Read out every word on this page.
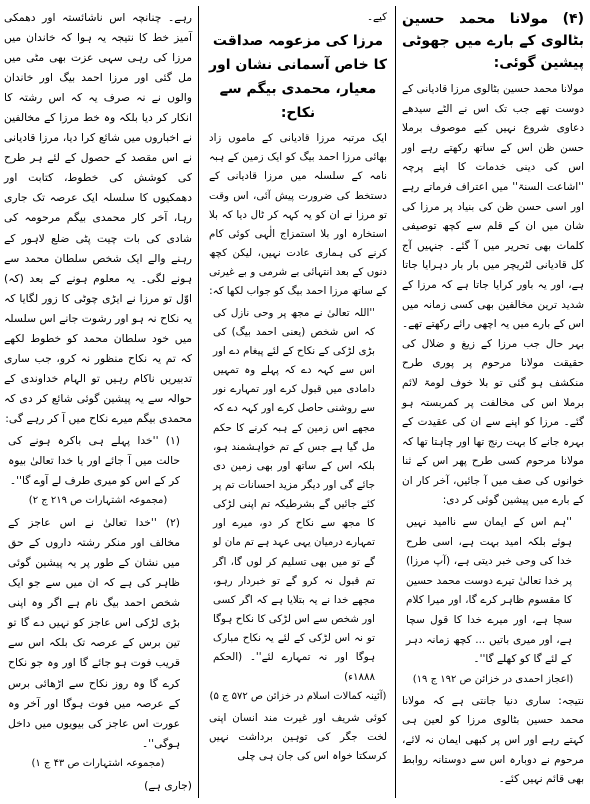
(۴) مولانا محمد حسین بٹالوی کے بارے میں جھوٹی پیشین گوئی:

مولانا محمد حسین بٹالوی مرزا قادیانی کے دوست تھے جب تک اس نے الٹے سیدھے دعاوی شروع نہیں کیے موصوف برملا حسن ظن اس کے ساتھ رکھتے رہے اور اس کی دینی خدمات کا اپنے پرچہ ''اشاعت السنۃ'' میں اعتراف فرماتے رہے اور اسی حسن ظن کی بنیاد پر مرزا کی شان میں ان کے قلم سے کچھ توصیفی کلمات بھی تحریر میں آ گئے۔ جنہیں آج کل قادیانی لٹریچر میں بار بار دہرایا جاتا ہے، اور یہ باور کرایا جاتا ہے کہ مرزا کے شدید ترین مخالفین بھی کسی زمانہ میں اس کے بارے میں یہ اچھی رائے رکھتے تھے۔ بہر حال جب مرزا کے زیغ و ضلال کی حقیقت مولانا مرحوم پر پوری طرح منکشف ہو گئی تو بلا خوف لومۃ لائم برملا اس کی مخالفت پر کمربستہ ہو گئے۔ مرزا کو اپنے سے ان کی عقیدت کے بہرہ جانے کا بہت رنج تھا اور چاہتا تھا کہ مولانا مرحوم کسی طرح پھر اس کے ثنا خوانوں کی صف میں آ جائیں، آخر کار ان کے بارے میں پیشین گوئی کر دی:

''ہم اس کے ایمان سے ناامید نہیں ہوئے بلکہ امید بہت ہے، اسی طرح خدا کی وحی خبر دیتی ہے، (آپ مرزا) پر خدا تعالیٰ تیرے دوست محمد حسین کا مقسوم ظاہر کرے گا، اور میرا کلام سچا ہے، اور میرے خدا کا قول سچا ہے، اور میری باتیں ... کچھ زمانہ دہر کے لئے گا کو کھلے گا''۔

(اعجاز احمدی در خزائن ص ۱۹۲ ج ۱۹)

نتیجہ: ساری دنیا جانتی ہے کہ مولانا محمد حسین بٹالوی مرزا کو لعین ہی کہتے رہے اور اس پر کبھی ایمان نہ لائے، مرحوم نے دوبارہ اس سے دوستانہ روابط بھی قائم نہیں کئے۔

کیے۔

مرزا کی مزعومہ صداقت کا خاص آسمانی نشان اور معیار، محمدی بیگم سے نکاح:

ایک مرتبہ مرزا قادیانی کے ماموں زاد بھائی مرزا احمد بیگ کو ایک زمین کے ہبہ نامہ کے سلسلہ میں مرزا قادیانی کے دستخط کی ضرورت پیش آئی، اس وقت تو مرزا نے ان کو یہ کہہ کر ٹال دیا کہ بلا استخارہ اور بلا استمزاج الٰہی کوئی کام کرنے کی ہماری عادت نہیں، لیکن کچھ دنوں کے بعد انتہائی بے شرمی و بے غیرتی کے ساتھ مرزا احمد بیگ کو جواب لکھا کہ:

''اللہ تعالیٰ نے مجھ پر وحی نازل کی کہ اس شخص (یعنی احمد بیگ) کی بڑی لڑکی کے نکاح کے لئے پیغام دے اور اس سے کہہ دے کہ پہلے وہ تمہیں دامادی میں قبول کرے اور تمہارے نور سے روشنی حاصل کرے اور کہہ دے کہ مجھے اس زمین کے ہبہ کرنے کا حکم مل گیا ہے جس کے تم خواہشمند ہو، بلکہ اس کے ساتھ اور بھی زمین دی جائے گی اور دیگر مزید احسانات تم پر کئے جائیں گے بشرطیکہ تم اپنی لڑکی کا مجھ سے نکاح کر دو، میرے اور تمہارے درمیان یہی عہد ہے تم مان لو گے تو میں بھی تسلیم کر لوں گا، اگر تم قبول نہ کرو گے تو خبردار رہو، مجھے خدا نے یہ بتلایا ہے کہ اگر کسی اور شخص سے اس لڑکی کا نکاح ہوگا تو نہ اس لڑکی کے لئے یہ نکاح مبارک ہوگا اور نہ تمہارے لئے''۔ (الحکم ۱۸۸۸ء)

(آئینہ کمالات اسلام در خزائن ص ۵۷۲ ج ۵)

کوئی شریف اور غیرت مند انسان اپنی لخت جگر کی توہین برداشت نہیں کرسکتا خواہ اس کی جان ہی چلی

رہے۔ چنانچہ اس ناشائستہ اور دھمکی آمیز خط کا نتیجہ یہ ہوا کہ خاندان میں مرزا کی رہی سہی عزت بھی مٹی میں مل گئی اور مرزا احمد بیگ اور خاندان والوں نے نہ صرف یہ کہ اس رشتہ کا انکار کر دیا بلکہ وہ خط مرزا کے مخالفین نے اخباروں میں شائع کرا دیا، مرزا قادیانی نے اس مقصد کے حصول کے لئے ہر طرح کی کوشش کی خطوط، کتابت اور دھمکیوں کا سلسلہ ایک عرصہ تک جاری رہا، آخر کار محمدی بیگم مرحومہ کی شادی کی بات چیت پٹی ضلع لاہور کے رہنے والے ایک شخص سلطان محمد سے ہونے لگی۔ یہ معلوم ہونے کے بعد (کہ) اوّل تو مرزا نے ایڑی چوٹی کا زور لگایا کہ یہ نکاح نہ ہو اور رشوت جانے اس سلسلہ میں خود سلطان محمد کو خطوط لکھے کہ تم یہ نکاح منظور نہ کرو، جب ساری تدبیریں ناکام رہیں تو الہام خداوندی کے حوالہ سے یہ پیشین گوئی شائع کر دی کہ محمدی بیگم میرے نکاح میں آ کر رہے گی:

(۱) ''خدا پہلے ہی باکرہ ہونے کی حالت میں آ جائے اور یا خدا تعالیٰ بیوہ کر کے اس کو میری طرف لے آوے گا''۔

(مجموعہ اشتہارات ص ۲۱۹ ج ۲)

(۲) ''خدا تعالیٰ نے اس عاجز کے مخالف اور منکر رشتہ داروں کے حق میں نشان کے طور پر یہ پیشین گوئی ظاہر کی ہے کہ ان میں سے جو ایک شخص احمد بیگ نام ہے اگر وہ اپنی بڑی لڑکی اس عاجز کو نہیں دے گا تو تین برس کے عرصہ تک بلکہ اس سے قریب فوت ہو جائے گا اور وہ جو نکاح کرے گا وہ روز نکاح سے اڑھائی برس کے عرصہ میں فوت ہوگا اور آخر وہ عورت اس عاجز کی بیویوں میں داخل ہوگی''۔

(مجموعہ اشتہارات ص ۴۳ ج ۱)

(جاری ہے)
